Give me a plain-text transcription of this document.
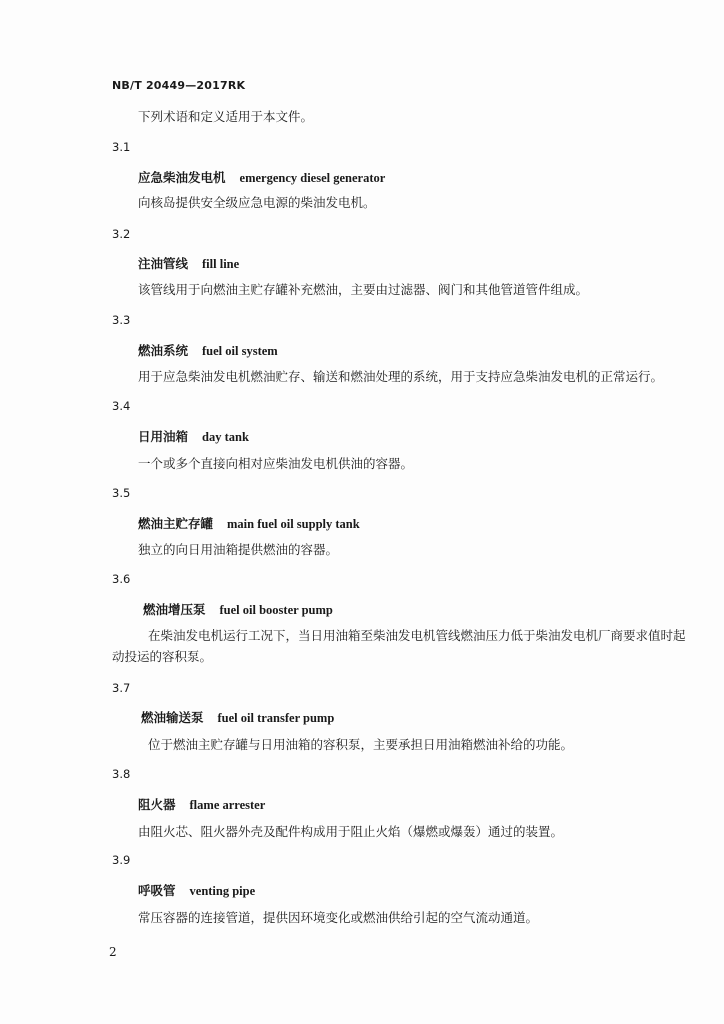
NB/T 20449—2017RK
下列术语和定义适用于本文件。
3.1
应急柴油发电机 emergency diesel generator
向核岛提供安全级应急电源的柴油发电机。
3.2
注油管线 fill line
该管线用于向燃油主贮存罐补充燃油，主要由过滤器、阀门和其他管道管件组成。
3.3
燃油系统 fuel oil system
用于应急柴油发电机燃油贮存、输送和燃油处理的系统，用于支持应急柴油发电机的正常运行。
3.4
日用油箱 day tank
一个或多个直接向相对应柴油发电机供油的容器。
3.5
燃油主贮存罐 main fuel oil supply tank
独立的向日用油箱提供燃油的容器。
3.6
燃油增压泵 fuel oil booster pump
在柴油发电机运行工况下，当日用油箱至柴油发电机管线燃油压力低于柴油发电机厂商要求值时起动投运的容积泵。
3.7
燃油输送泵 fuel oil transfer pump
位于燃油主贮存罐与日用油箱的容积泵，主要承担日用油箱燃油补给的功能。
3.8
阻火器 flame arrester
由阻火芯、阻火器外壳及配件构成用于阻止火焰（爆燃或爆轰）通过的装置。
3.9
呼吸管 venting pipe
常压容器的连接管道，提供因环境变化或燃油供给引起的空气流动通道。
2
